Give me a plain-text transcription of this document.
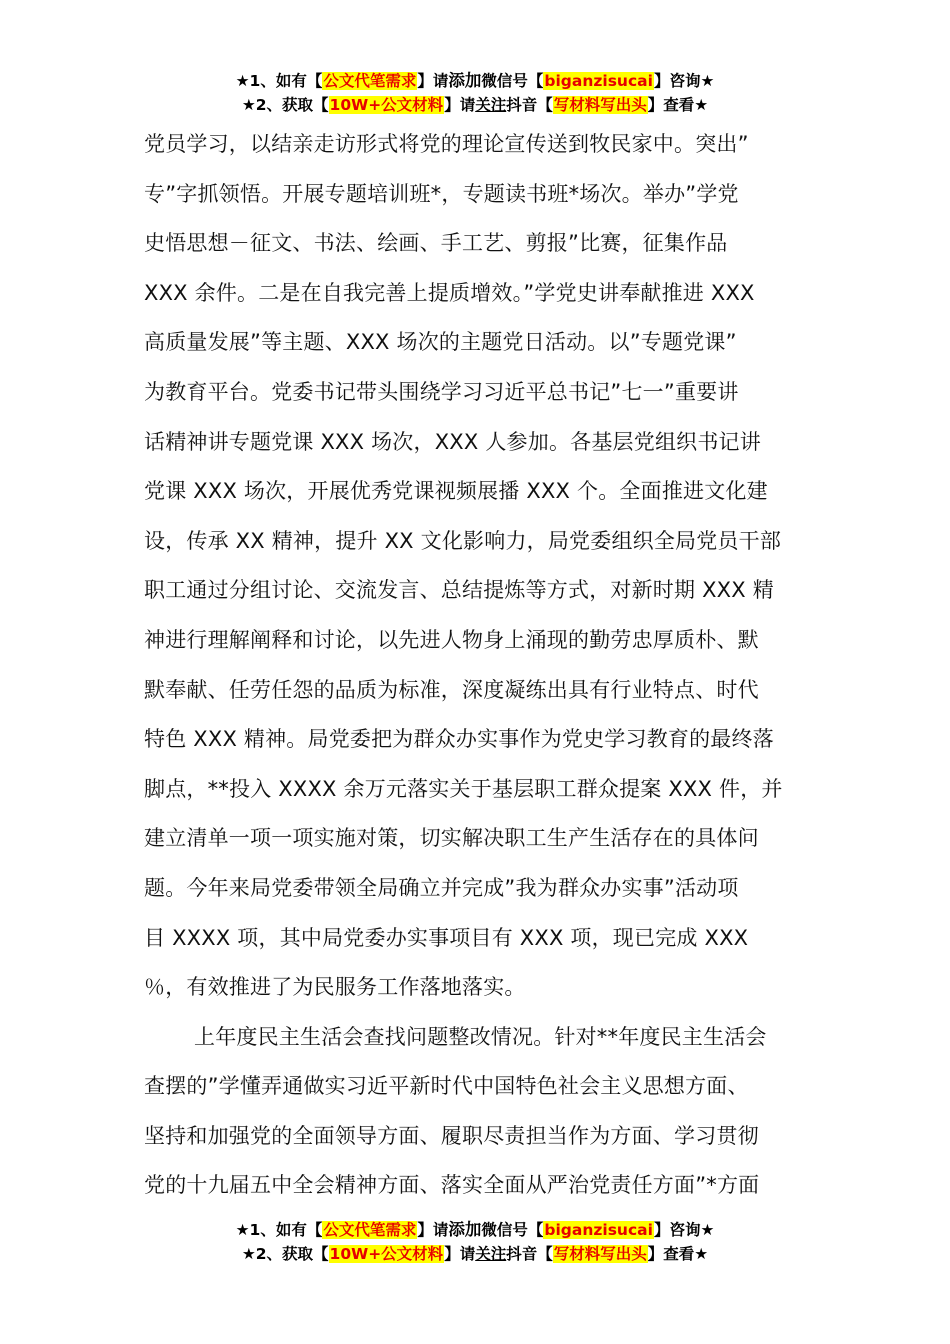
★1、如有【公文代笔需求】请添加微信号【biganzisucai】咨询★
★2、获取【10W+公文材料】请关注抖音【写材料写出头】查看★
党员学习，以结亲走访形式将党的理论宣传送到牧民家中。突出”
专”字抓领悟。开展专题培训班*，专题读书班*场次。举办”学党
史悟思想－征文、书法、绘画、手工艺、剪报”比赛，征集作品
XXX 余件。二是在自我完善上提质增效。”学党史讲奉献推进 XXX
高质量发展”等主题、XXX 场次的主题党日活动。以”专题党课”
为教育平台。党委书记带头围绕学习习近平总书记”七一”重要讲
话精神讲专题党课 XXX 场次，XXX 人参加。各基层党组织书记讲
党课 XXX 场次，开展优秀党课视频展播 XXX 个。全面推进文化建
设，传承 XX 精神，提升 XX 文化影响力，局党委组织全局党员干部
职工通过分组讨论、交流发言、总结提炼等方式，对新时期 XXX 精
神进行理解阐释和讨论，以先进人物身上涌现的勤劳忠厚质朴、默
默奉献、任劳任怨的品质为标准，深度凝练出具有行业特点、时代
特色 XXX 精神。局党委把为群众办实事作为党史学习教育的最终落
脚点，**投入 XXXX 余万元落实关于基层职工群众提案 XXX 件，并
建立清单一项一项实施对策，切实解决职工生产生活存在的具体问
题。今年来局党委带领全局确立并完成”我为群众办实事”活动项
目 XXXX 项，其中局党委办实事项目有 XXX 项，现已完成 XXX
％，有效推进了为民服务工作落地落实。
上年度民主生活会查找问题整改情况。针对**年度民主生活会
查摆的”学懂弄通做实习近平新时代中国特色社会主义思想方面、
坚持和加强党的全面领导方面、履职尽责担当作为方面、学习贯彻
党的十九届五中全会精神方面、落实全面从严治党责任方面”*方面
★1、如有【公文代笔需求】请添加微信号【biganzisucai】咨询★
★2、获取【10W+公文材料】请关注抖音【写材料写出头】查看★
